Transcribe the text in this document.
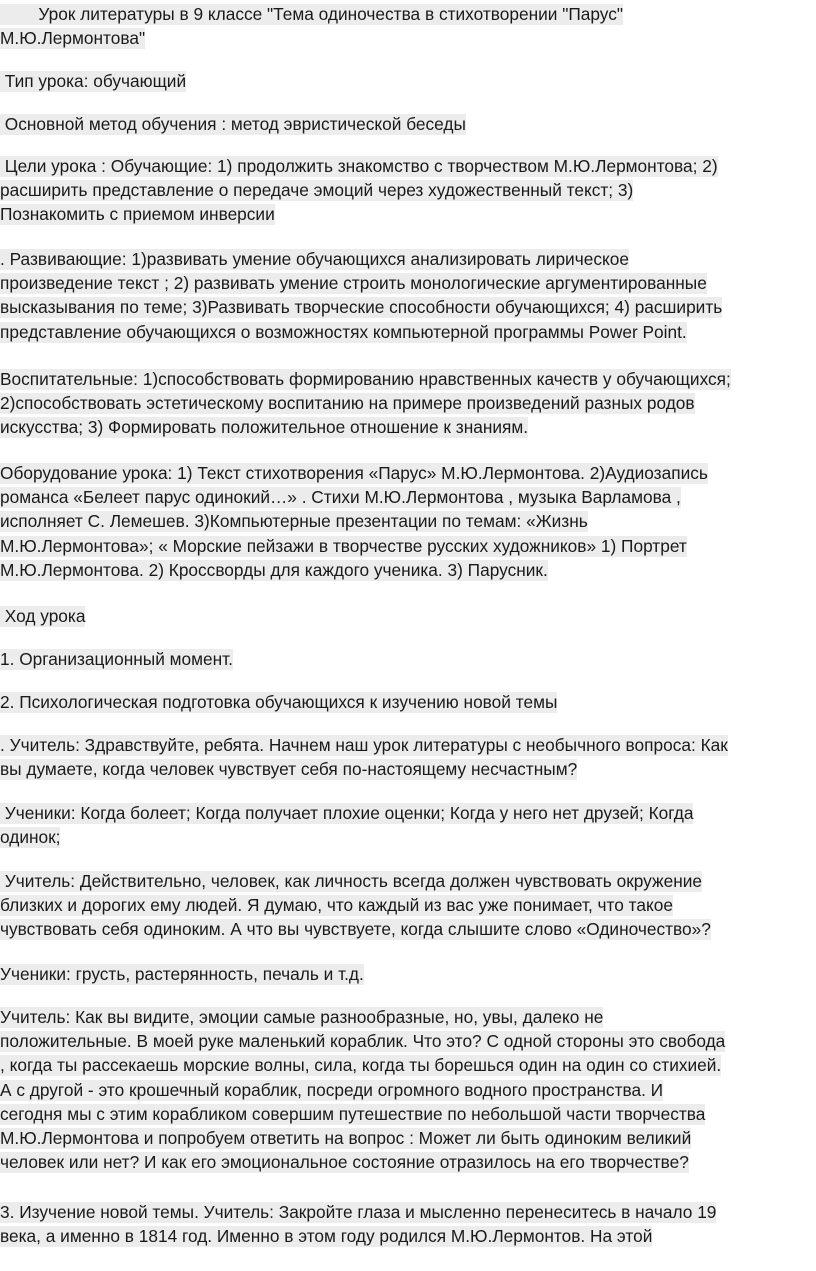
Урок литературы в 9 классе "Тема одиночества в стихотворении "Парус"
М.Ю.Лермонтова"
Тип урока: обучающий
Основной метод обучения : метод эвристической беседы
Цели урока : Обучающие: 1) продолжить знакомство с творчеством М.Ю.Лермонтова; 2)
расширить представление о передаче эмоций через художественный текст; 3)
Познакомить с приемом инверсии
. Развивающие: 1)развивать умение обучающихся анализировать лирическое
произведение текст ; 2) развивать умение строить монологические аргументированные
высказывания по теме; 3)Развивать творческие способности обучающихся; 4) расширить
представление обучающихся о возможностях компьютерной программы Power Point.
Воспитательные: 1)способствовать формированию нравственных качеств у обучающихся;
2)способствовать эстетическому воспитанию на примере произведений разных родов
искусства; 3) Формировать положительное отношение к знаниям.
Оборудование урока: 1) Текст стихотворения «Парус» М.Ю.Лермонтова. 2)Аудиозапись
романса «Белеет парус одинокий…» . Стихи М.Ю.Лермонтова , музыка Варламова ,
исполняет С. Лемешев. 3)Компьютерные презентации по темам: «Жизнь
М.Ю.Лермонтова»; « Морские пейзажи в творчестве русских художников» 1) Портрет
М.Ю.Лермонтова. 2) Кроссворды для каждого ученика. 3) Парусник.
Ход урока
1. Организационный момент.
2. Психологическая подготовка обучающихся к изучению новой темы
. Учитель: Здравствуйте, ребята. Начнем наш урок литературы с необычного вопроса: Как
вы думаете, когда человек чувствует себя по-настоящему несчастным?
Ученики: Когда болеет; Когда получает плохие оценки; Когда у него нет друзей; Когда
одинок;
Учитель: Действительно, человек, как личность всегда должен чувствовать окружение
близких и дорогих ему людей. Я думаю, что каждый из вас уже понимает, что такое
чувствовать себя одиноким. А что вы чувствуете, когда слышите слово «Одиночество»?
Ученики: грусть, растерянность, печаль и т.д.
Учитель: Как вы видите, эмоции самые разнообразные, но, увы, далеко не
положительные. В моей руке маленький кораблик. Что это? С одной стороны это свобода
, когда ты рассекаешь морские волны, сила, когда ты борешься один на один со стихией.
А с другой - это крошечный кораблик, посреди огромного водного пространства. И
сегодня мы с этим корабликом совершим путешествие по небольшой части творчества
М.Ю.Лермонтова и попробуем ответить на вопрос : Может ли быть одиноким великий
человек или нет? И как его эмоциональное состояние отразилось на его творчестве?
3. Изучение новой темы. Учитель: Закройте глаза и мысленно перенеситесь в начало 19
века, а именно в 1814 год. Именно в этом году родился М.Ю.Лермонтов. На этой
